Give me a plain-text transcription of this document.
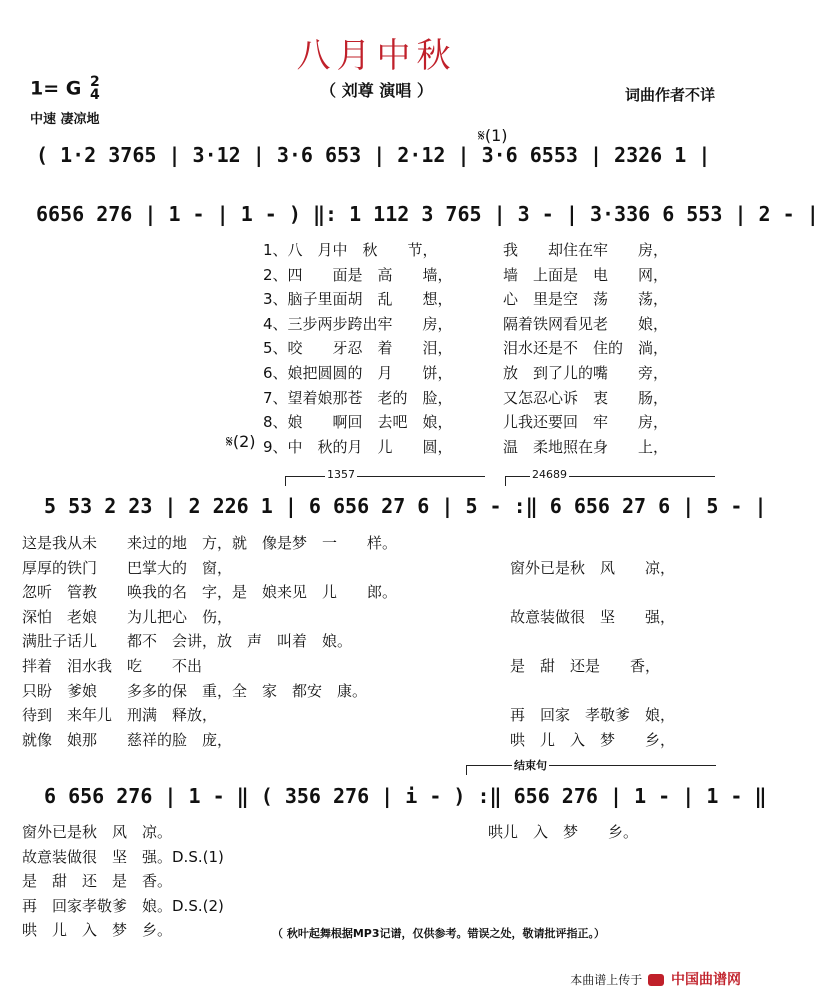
八月中秋
（ 刘尊 演唱 ）	词曲作者不详
1= G 2
4
中速 凄凉地
𝄋(1)
( 1·2 3765 | 3·12 | 3·6 653 | 2·12 | 3·6 6553 | 2326 1 |
6656 276 | 1 - | 1 - ) ‖: 1 112 3 765 | 3 - | 3·336 6 553 | 2 - |
1、八　月中　秋　　节，
2、四　　面是　高　　墙，
3、脑子里面胡　乱　　想，
4、三步两步跨出牢　　房，
5、咬　　牙忍　着　　泪，
6、娘把圆圆的　月　　饼，
7、望着娘那苍　老的　脸，
8、娘　　啊回　去吧　娘，
9、中　秋的月　儿　　圆，
我　　却住在牢　　房，
墙　上面是　电　　网，
心　里是空　荡　　荡，
隔着铁网看见老　　娘，
泪水还是不　住的　淌，
放　到了儿的嘴　　旁，
又怎忍心诉　衷　　肠，
儿我还要回　牢　　房，
温　柔地照在身　　上，
𝄋(2)
1357	24689
5 53 2 23 | 2 226 1 | 6 656 27 6 | 5 - :‖ 6 656 27 6 | 5 - |
这是我从未　　来过的地　方，就　像是梦　一　　样。
厚厚的铁门　　巴掌大的　窗，
忽听　管教　　唤我的名　字，是　娘来见　儿　　郎。
深怕　老娘　　为儿把心　伤，
满肚子话儿　　都不　会讲，放　声　叫着　娘。
拌着　泪水我　吃　　不出
只盼　爹娘　　多多的保　重，全　家　都安　康。
待到　来年儿　刑满　释放，
就像　娘那　　慈祥的脸　庞，

窗外已是秋　风　　凉，

故意装做很　坚　　强，

是　甜　还是　　香，

再　回家　孝敬爹　娘，
哄　儿　入　梦　　乡，
结束句
6 656 276 | 1 - ‖ ( 356 276 | i - ) :‖ 656 276 | 1 - | 1 - ‖
窗外已是秋　风　凉。
故意装做很　坚　强。D.S.(1)
是　甜　还　是　香。
再　回家孝敬爹　娘。D.S.(2)
哄　儿　入　梦　乡。
哄儿　入　梦　　乡。
（ 秋叶起舞根据MP3记谱，仅供参考。错误之处，敬请批评指正。）
本曲谱上传于 中国曲谱网
